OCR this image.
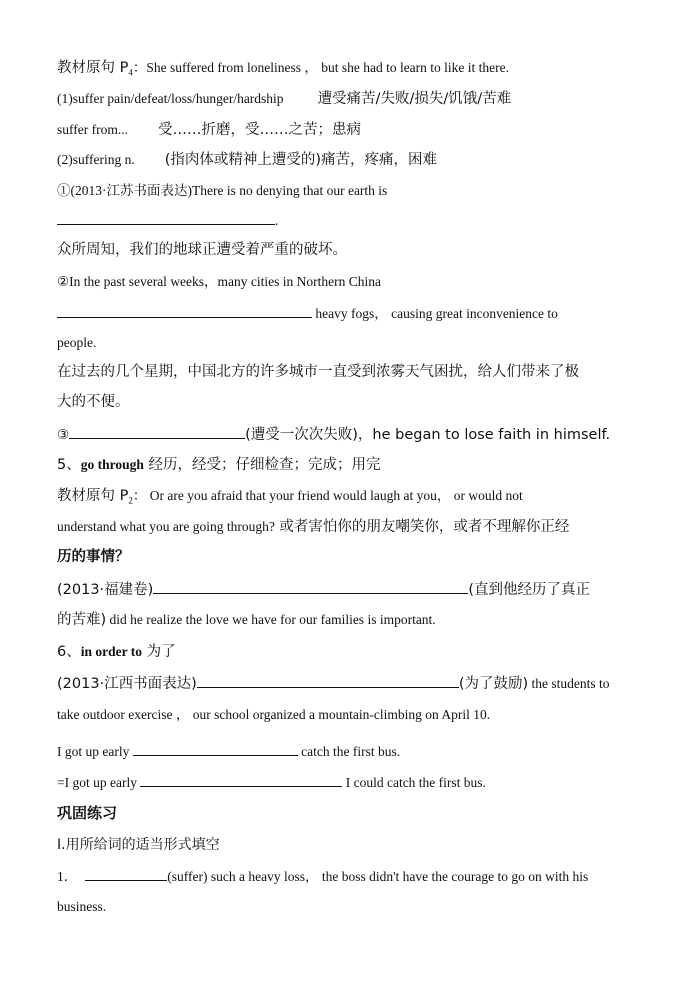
教材原句 $P_4$：She suffered from loneliness ， but she had to learn to like it there.
(1)suffer pain/defeat/loss/hunger/hardship 遭受痛苦/失败/损失/饥饿/苦难
suffer from... 受……折磨，受……之苦；患病
(2)suffering n. (指肉体或精神上遭受的)痛苦，疼痛，困难
①(2013·江苏书面表达)There is no denying that our earth is
.
众所周知，我们的地球正遭受着严重的破坏。
②In the past several weeks，many cities in Northern China
heavy fogs， causing great inconvenience to
people.
在过去的几个星期，中国北方的许多城市一直受到浓雾天气困扰，给人们带来了极
大的不便。
③	(遭受一次次失败)，he began to lose faith in himself.
5、go through 经历，经受；仔细检查；完成；用完
教材原句 $P_2$： Or are you afraid that your friend would laugh at you， or would not
understand what you are going through? 或者害怕你的朋友嘲笑你，或者不理解你正经
历的事情？
(2013·福建卷)	(直到他经历了真正
的苦难) did he realize the love we have for our families is important.
6、in order to 为了
(2013·江西书面表达)	(为了鼓励) the students to
take outdoor exercise ， our school organized a mountain-climbing on April 10.
I got up early	catch the first bus.
=I got up early	I could catch the first bus.
巩固练习
Ⅰ.用所给词的适当形式填空
1．	(suffer) such a heavy loss， the boss didn't have the courage to go on with his
business.
